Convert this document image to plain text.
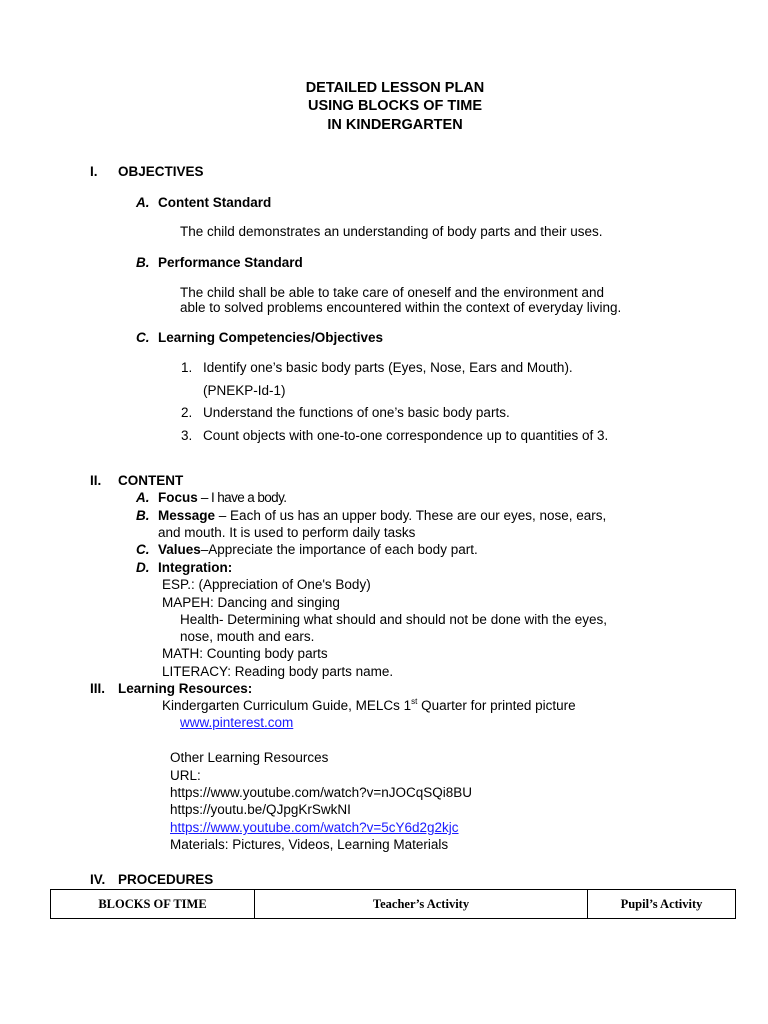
DETAILED LESSON PLAN
USING BLOCKS OF TIME
IN KINDERGARTEN
I. OBJECTIVES
A. Content Standard
The child demonstrates an understanding of body parts and their uses.
B. Performance Standard
The child shall be able to take care of oneself and the environment and
able to solved problems encountered within the context of everyday living.
C. Learning Competencies/Objectives
1. Identify one’s basic body parts (Eyes, Nose, Ears and Mouth).
(PNEKP-Id-1)
2. Understand the functions of one’s basic body parts.
3. Count objects with one-to-one correspondence up to quantities of 3.
II. CONTENT
A. Focus – I have a body.
B. Message – Each of us has an upper body. These are our eyes, nose, ears,
and mouth. It is used to perform daily tasks
C. Values–Appreciate the importance of each body part.
D. Integration:
ESP.: (Appreciation of One's Body)
MAPEH: Dancing and singing
Health- Determining what should and should not be done with the eyes,
nose, mouth and ears.
MATH: Counting body parts
LITERACY: Reading body parts name.
III. Learning Resources:
Kindergarten Curriculum Guide, MELCs 1st Quarter for printed picture
www.pinterest.com
Other Learning Resources
URL:
https://www.youtube.com/watch?v=nJOCqSQi8BU
https://youtu.be/QJpgKrSwkNI
https://www.youtube.com/watch?v=5cY6d2g2kjc
Materials: Pictures, Videos, Learning Materials
IV. PROCEDURES
BLOCKS OF TIME	Teacher’s Activity	Pupil’s Activity
